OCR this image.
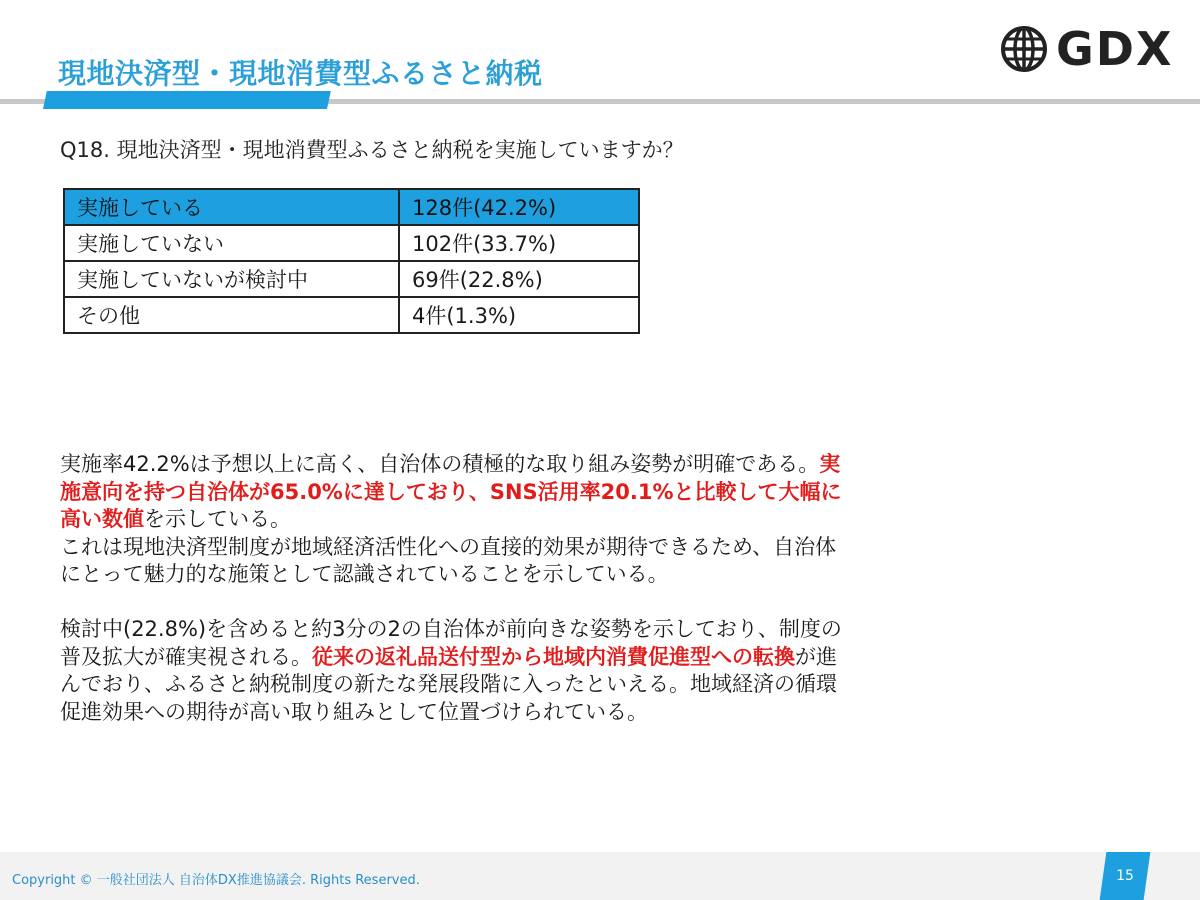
現地決済型・現地消費型ふるさと納税	GDX
Q18. 現地決済型・現地消費型ふるさと納税を実施していますか？
実施している	128件(42.2%)
実施していない	102件(33.7%)
実施していないが検討中	69件(22.8%)
その他	4件(1.3%)
実施率42.2%は予想以上に高く、自治体の積極的な取り組み姿勢が明確である。実施意向を持つ自治体が65.0%に達しており、SNS活用率20.1%と比較して大幅に高い数値を示している。
これは現地決済型制度が地域経済活性化への直接的効果が期待できるため、自治体にとって魅力的な施策として認識されていることを示している。
検討中(22.8%)を含めると約3分の2の自治体が前向きな姿勢を示しており、制度の普及拡大が確実視される。従来の返礼品送付型から地域内消費促進型への転換が進んでおり、ふるさと納税制度の新たな発展段階に入ったといえる。地域経済の循環促進効果への期待が高い取り組みとして位置づけられている。
Copyright © 一般社団法人 自治体DX推進協議会. Rights Reserved.	15
